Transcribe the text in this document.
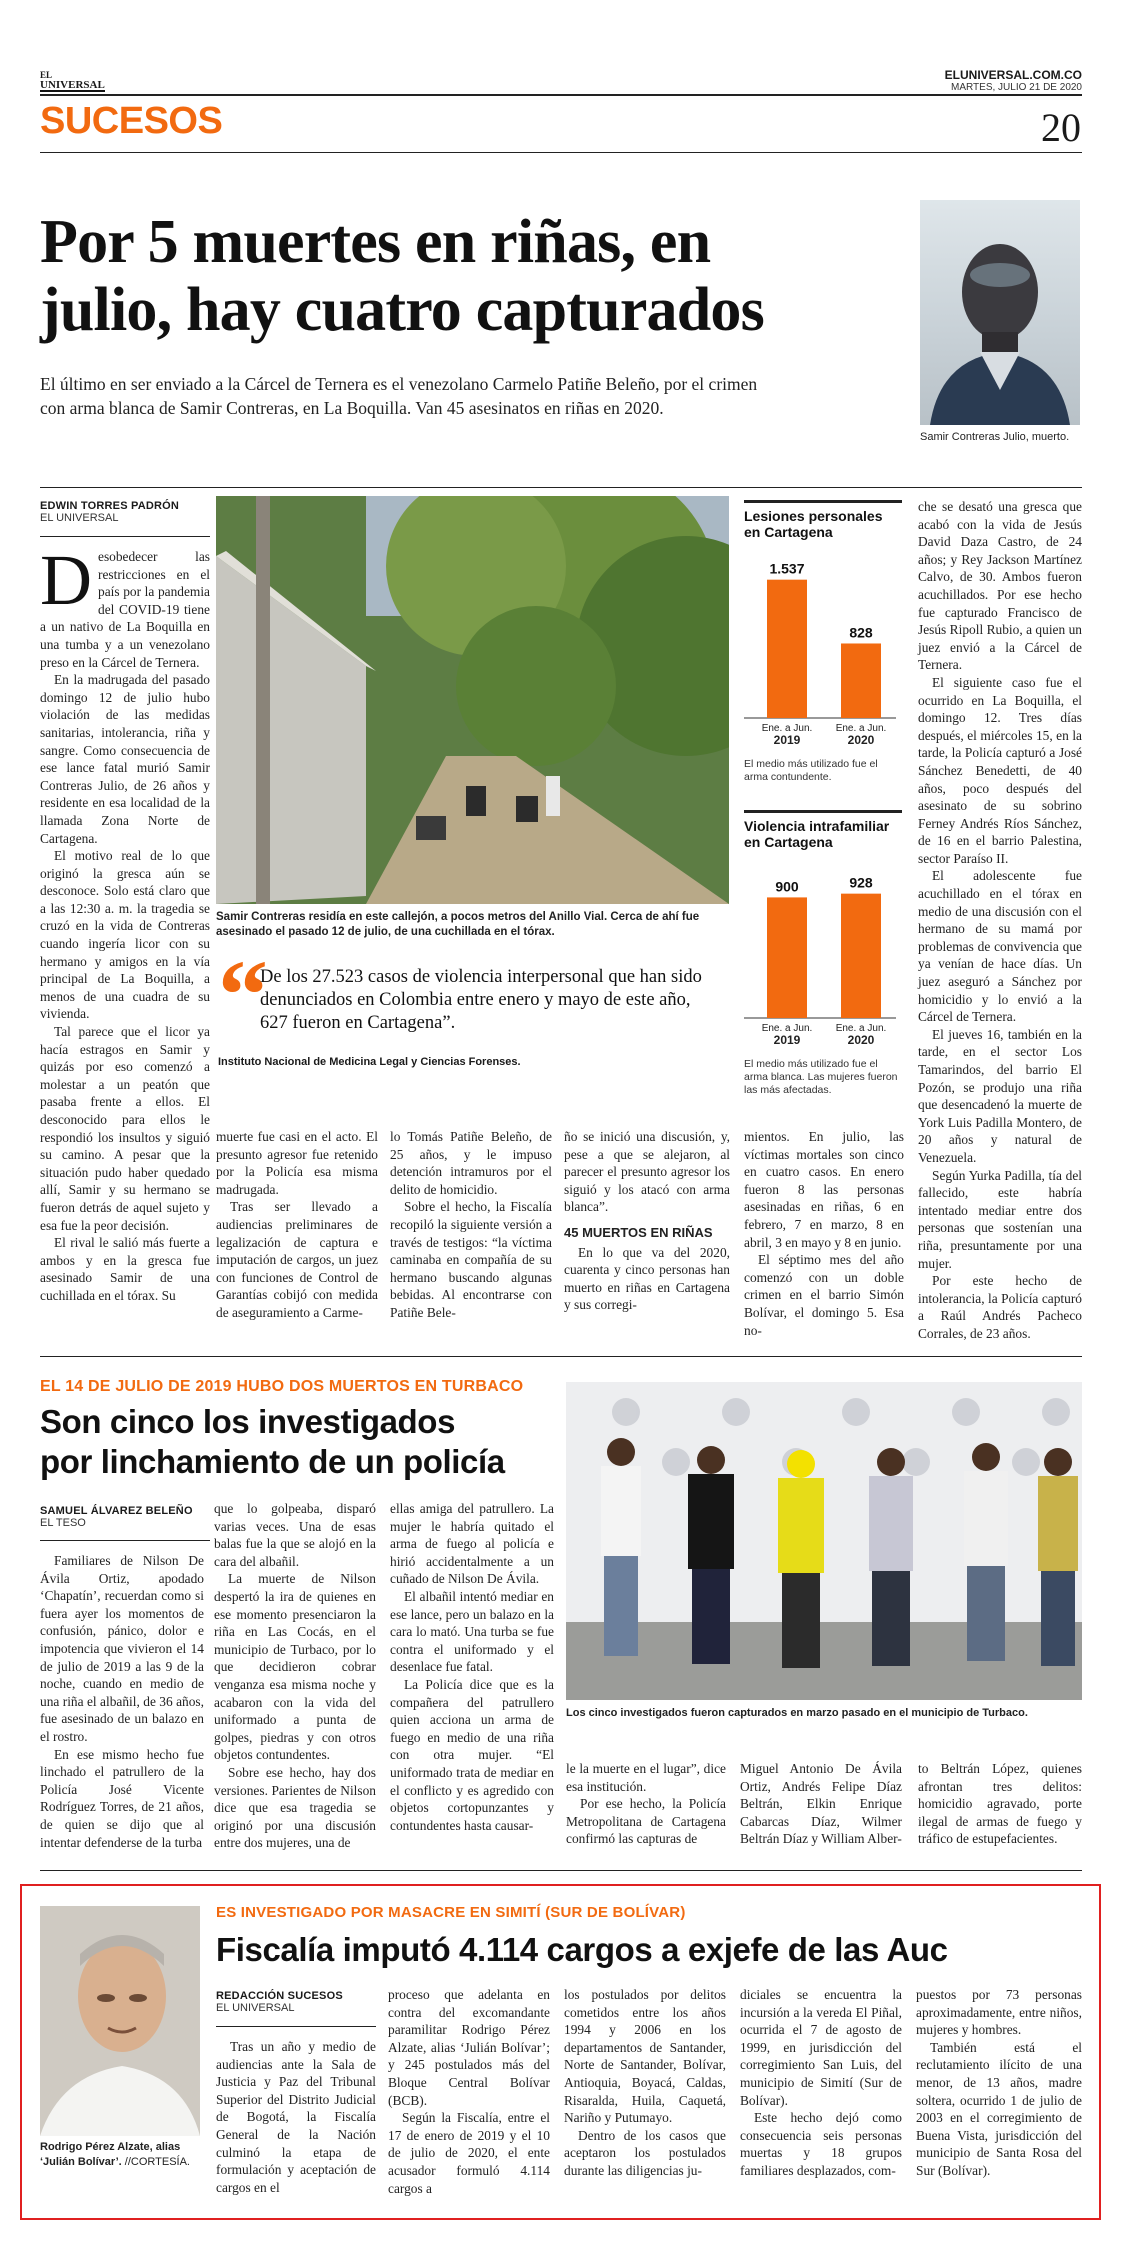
EL
UNIVERSAL
ELUNIVERSAL.COM.CO
MARTES, JULIO 21 DE 2020
SUCESOS	20
Por 5 muertes en riñas, en
julio, hay cuatro capturados
El último en ser enviado a la Cárcel de Ternera es el venezolano Carmelo Patiñe Beleño, por el crimen
con arma blanca de Samir Contreras, en La Boquilla. Van 45 asesinatos en riñas en 2020.
Samir Contreras Julio, muerto.
EDWIN TORRES PADRÓN
EL UNIVERSAL
D esobedecer las restricciones en el país por la pandemia del COVID-19 tiene a un nativo de La Boquilla en una tumba y a un venezolano preso en la Cárcel de Ternera.

En la madrugada del pasado domingo 12 de julio hubo violación de las medidas sanitarias, intolerancia, riña y sangre. Como consecuencia de ese lance fatal murió Samir Contreras Julio, de 26 años y residente en esa localidad de la llamada Zona Norte de Cartagena.

El motivo real de lo que originó la gresca aún se desconoce. Solo está claro que a las 12:30 a. m. la tragedia se cruzó en la vida de Contreras cuando ingería licor con su hermano y amigos en la vía principal de La Boquilla, a menos de una cuadra de su vivienda.

Tal parece que el licor ya hacía estragos en Samir y quizás por eso comenzó a molestar a un peatón que pasaba frente a ellos. El desconocido para ellos le respondió los insultos y siguió su camino. A pesar que la situación pudo haber quedado allí, Samir y su hermano se fueron detrás de aquel sujeto y esa fue la peor decisión.

El rival le salió más fuerte a ambos y en la gresca fue asesinado Samir de una cuchillada en el tórax. Su

Samir Contreras residía en este callejón, a pocos metros del Anillo Vial. Cerca de ahí fue asesinado el pasado 12 de julio, de una cuchillada en el tórax.
“
De los 27.523 casos de violencia interpersonal que han sido denunciados en Colombia entre enero y mayo de este año, 627 fueron en Cartagena”.
Instituto Nacional de Medicina Legal y Ciencias Forenses.
Lesiones personales en Cartagena
1.537
Ene. a Jun.
2019
828
Ene. a Jun.
2020
El medio más utilizado fue el arma contundente.
Violencia intrafamiliar en Cartagena
900
Ene. a Jun.
2019
928
Ene. a Jun.
2020
El medio más utilizado fue el arma blanca. Las mujeres fueron las más afectadas.

muerte fue casi en el acto. El presunto agresor fue retenido por la Policía esa misma madrugada.

Tras ser llevado a audiencias preliminares de legalización de captura e imputación de cargos, un juez con funciones de Control de Garantías cobijó con medida de aseguramiento a Carme-

lo Tomás Patiñe Beleño, de 25 años, y le impuso detención intramuros por el delito de homicidio.

Sobre el hecho, la Fiscalía recopiló la siguiente versión a través de testigos: “la víctima caminaba en compañía de su hermano buscando algunas bebidas. Al encontrarse con Patiñe Bele-

ño se inició una discusión, y, pese a que se alejaron, al parecer el presunto agresor los siguió y los atacó con arma blanca”.

45 MUERTOS EN RIÑAS

En lo que va del 2020, cuarenta y cinco personas han muerto en riñas en Cartagena y sus corregi-

mientos. En julio, las víctimas mortales son cinco en cuatro casos. En enero fueron 8 las personas asesinadas en riñas, 6 en febrero, 7 en marzo, 8 en abril, 3 en mayo y 8 en junio.

El séptimo mes del año comenzó con un doble crimen en el barrio Simón Bolívar, el domingo 5. Esa no-

che se desató una gresca que acabó con la vida de Jesús David Daza Castro, de 24 años; y Rey Jackson Martínez Calvo, de 30. Ambos fueron acuchillados. Por ese hecho fue capturado Francisco de Jesús Ripoll Rubio, a quien un juez envió a la Cárcel de Ternera.

El siguiente caso fue el ocurrido en La Boquilla, el domingo 12. Tres días después, el miércoles 15, en la tarde, la Policía capturó a José Sánchez Benedetti, de 40 años, poco después del asesinato de su sobrino Ferney Andrés Ríos Sánchez, de 16 en el barrio Palestina, sector Paraíso II.

El adolescente fue acuchillado en el tórax en medio de una discusión con el hermano de su mamá por problemas de convivencia que ya venían de hace días. Un juez aseguró a Sánchez por homicidio y lo envió a la Cárcel de Ternera.

El jueves 16, también en la tarde, en el sector Los Tamarindos, del barrio El Pozón, se produjo una riña que desencadenó la muerte de York Luis Padilla Montero, de 20 años y natural de Venezuela.

Según Yurka Padilla, tía del fallecido, este habría intentado mediar entre dos personas que sostenían una riña, presuntamente por una mujer.

Por este hecho de intolerancia, la Policía capturó a Raúl Andrés Pacheco Corrales, de 23 años.

EL 14 DE JULIO DE 2019 HUBO DOS MUERTOS EN TURBACO
Son cinco los investigados
por linchamiento de un policía
SAMUEL ÁLVAREZ BELEÑO
EL TESO
Los cinco investigados fueron capturados en marzo pasado en el municipio de Turbaco.

Familiares de Nilson De Ávila Ortiz, apodado ‘Chapatín’, recuerdan como si fuera ayer los momentos de confusión, pánico, dolor e impotencia que vivieron el 14 de julio de 2019 a las 9 de la noche, cuando en medio de una riña el albañil, de 36 años, fue asesinado de un balazo en el rostro.

En ese mismo hecho fue linchado el patrullero de la Policía José Vicente Rodríguez Torres, de 21 años, de quien se dijo que al intentar defenderse de la turba

que lo golpeaba, disparó varias veces. Una de esas balas fue la que se alojó en la cara del albañil.

La muerte de Nilson despertó la ira de quienes en ese momento presenciaron la riña en Las Cocás, en el municipio de Turbaco, por lo que decidieron cobrar venganza esa misma noche y acabaron con la vida del uniformado a punta de golpes, piedras y con otros objetos contundentes.

Sobre ese hecho, hay dos versiones. Parientes de Nilson dice que esa tragedia se originó por una discusión entre dos mujeres, una de

ellas amiga del patrullero. La mujer le habría quitado el arma de fuego al policía e hirió accidentalmente a un cuñado de Nilson De Ávila.

El albañil intentó mediar en ese lance, pero un balazo en la cara lo mató. Una turba se fue contra el uniformado y el desenlace fue fatal.

La Policía dice que es la compañera del patrullero quien acciona un arma de fuego en medio de una riña con otra mujer. “El uniformado trata de mediar en el conflicto y es agredido con objetos cortopunzantes y contundentes hasta causar-

le la muerte en el lugar”, dice esa institución.

Por ese hecho, la Policía Metropolitana de Cartagena confirmó las capturas de

Miguel Antonio De Ávila Ortiz, Andrés Felipe Díaz Beltrán, Elkin Enrique Cabarcas Díaz, Wilmer Beltrán Díaz y William Alber-

to Beltrán López, quienes afrontan tres delitos: homicidio agravado, porte ilegal de armas de fuego y tráfico de estupefacientes.

Rodrigo Pérez Alzate, alias ‘Julián Bolívar’. //CORTESÍA.
ES INVESTIGADO POR MASACRE EN SIMITÍ (SUR DE BOLÍVAR)
Fiscalía imputó 4.114 cargos a exjefe de las Auc
REDACCIÓN SUCESOS
EL UNIVERSAL

Tras un año y medio de audiencias ante la Sala de Justicia y Paz del Tribunal Superior del Distrito Judicial de Bogotá, la Fiscalía General de la Nación culminó la etapa de formulación y aceptación de cargos en el

proceso que adelanta en contra del excomandante paramilitar Rodrigo Pérez Alzate, alias ‘Julián Bolívar’; y 245 postulados más del Bloque Central Bolívar (BCB).

Según la Fiscalía, entre el 17 de enero de 2019 y el 10 de julio de 2020, el ente acusador formuló 4.114 cargos a

los postulados por delitos cometidos entre los años 1994 y 2006 en los departamentos de Santander, Norte de Santander, Bolívar, Antioquia, Boyacá, Caldas, Risaralda, Huila, Caquetá, Nariño y Putumayo.

Dentro de los casos que aceptaron los postulados durante las diligencias ju-

diciales se encuentra la incursión a la vereda El Piñal, ocurrida el 7 de agosto de 1999, en jurisdicción del corregimiento San Luis, del municipio de Simití (Sur de Bolívar).

Este hecho dejó como consecuencia seis personas muertas y 18 grupos familiares desplazados, com-

puestos por 73 personas aproximadamente, entre niños, mujeres y hombres.

También está el reclutamiento ilícito de una menor, de 13 años, madre soltera, ocurrido 1 de julio de 2003 en el corregimiento de Buena Vista, jurisdicción del municipio de Santa Rosa del Sur (Bolívar).
